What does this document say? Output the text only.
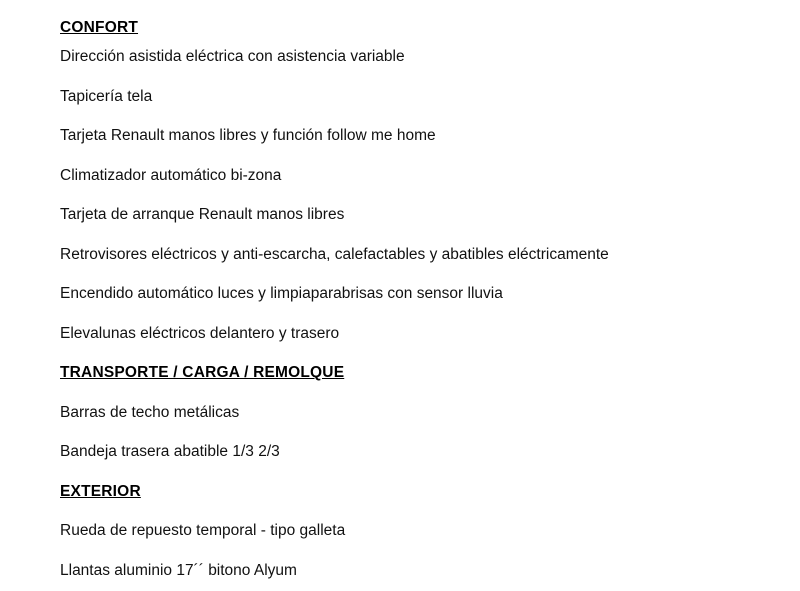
CONFORT
Dirección asistida eléctrica con asistencia variable
Tapicería tela
Tarjeta Renault manos libres y función follow me home
Climatizador automático bi-zona
Tarjeta de arranque Renault manos libres
Retrovisores eléctricos y anti-escarcha, calefactables y abatibles eléctricamente
Encendido automático luces y limpiaparabrisas con sensor lluvia
Elevalunas eléctricos delantero y trasero
TRANSPORTE / CARGA / REMOLQUE
Barras de techo metálicas
Bandeja trasera abatible 1/3 2/3
EXTERIOR
Rueda de repuesto temporal - tipo galleta
Llantas aluminio 17´´ bitono Alyum
